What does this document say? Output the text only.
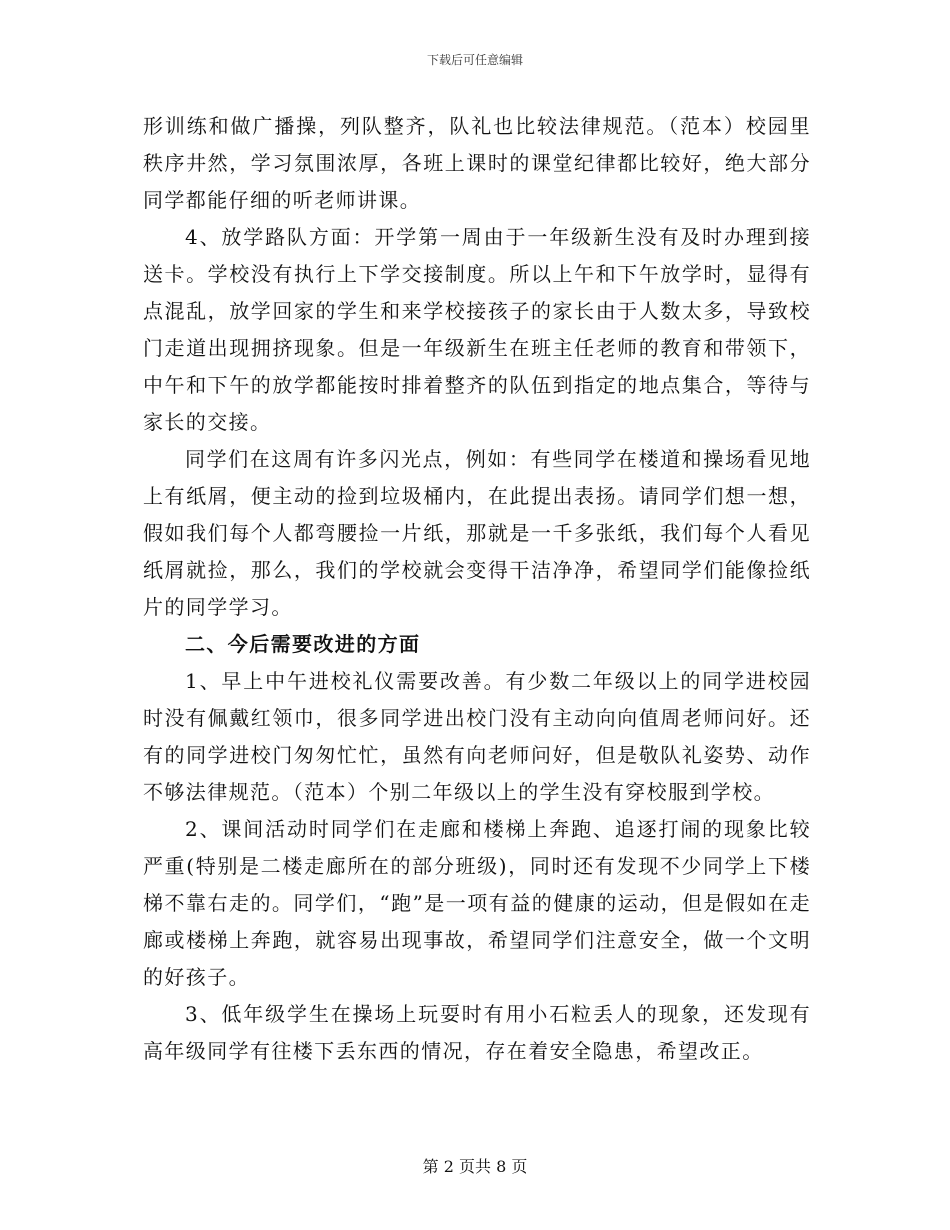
下载后可任意编辑

形训练和做广播操，列队整齐，队礼也比较法律规范。（范本）校园里秩序井然，学习氛围浓厚，各班上课时的课堂纪律都比较好，绝大部分同学都能仔细的听老师讲课。

4、放学路队方面：开学第一周由于一年级新生没有及时办理到接送卡。学校没有执行上下学交接制度。所以上午和下午放学时，显得有点混乱，放学回家的学生和来学校接孩子的家长由于人数太多，导致校门走道出现拥挤现象。但是一年级新生在班主任老师的教育和带领下，中午和下午的放学都能按时排着整齐的队伍到指定的地点集合，等待与家长的交接。

同学们在这周有许多闪光点，例如：有些同学在楼道和操场看见地上有纸屑，便主动的捡到垃圾桶内，在此提出表扬。请同学们想一想，假如我们每个人都弯腰捡一片纸，那就是一千多张纸，我们每个人看见纸屑就捡，那么，我们的学校就会变得干洁净净，希望同学们能像捡纸片的同学学习。

二、今后需要改进的方面

1、早上中午进校礼仪需要改善。有少数二年级以上的同学进校园时没有佩戴红领巾，很多同学进出校门没有主动向向值周老师问好。还有的同学进校门匆匆忙忙，虽然有向老师问好，但是敬队礼姿势、动作不够法律规范。（范本）个别二年级以上的学生没有穿校服到学校。

2、课间活动时同学们在走廊和楼梯上奔跑、追逐打闹的现象比较严重(特别是二楼走廊所在的部分班级)，同时还有发现不少同学上下楼梯不靠右走的。同学们，“跑”是一项有益的健康的运动，但是假如在走廊或楼梯上奔跑，就容易出现事故，希望同学们注意安全，做一个文明的好孩子。

3、低年级学生在操场上玩耍时有用小石粒丢人的现象，还发现有高年级同学有往楼下丢东西的情况，存在着安全隐患，希望改正。

第 2 页共 8 页
